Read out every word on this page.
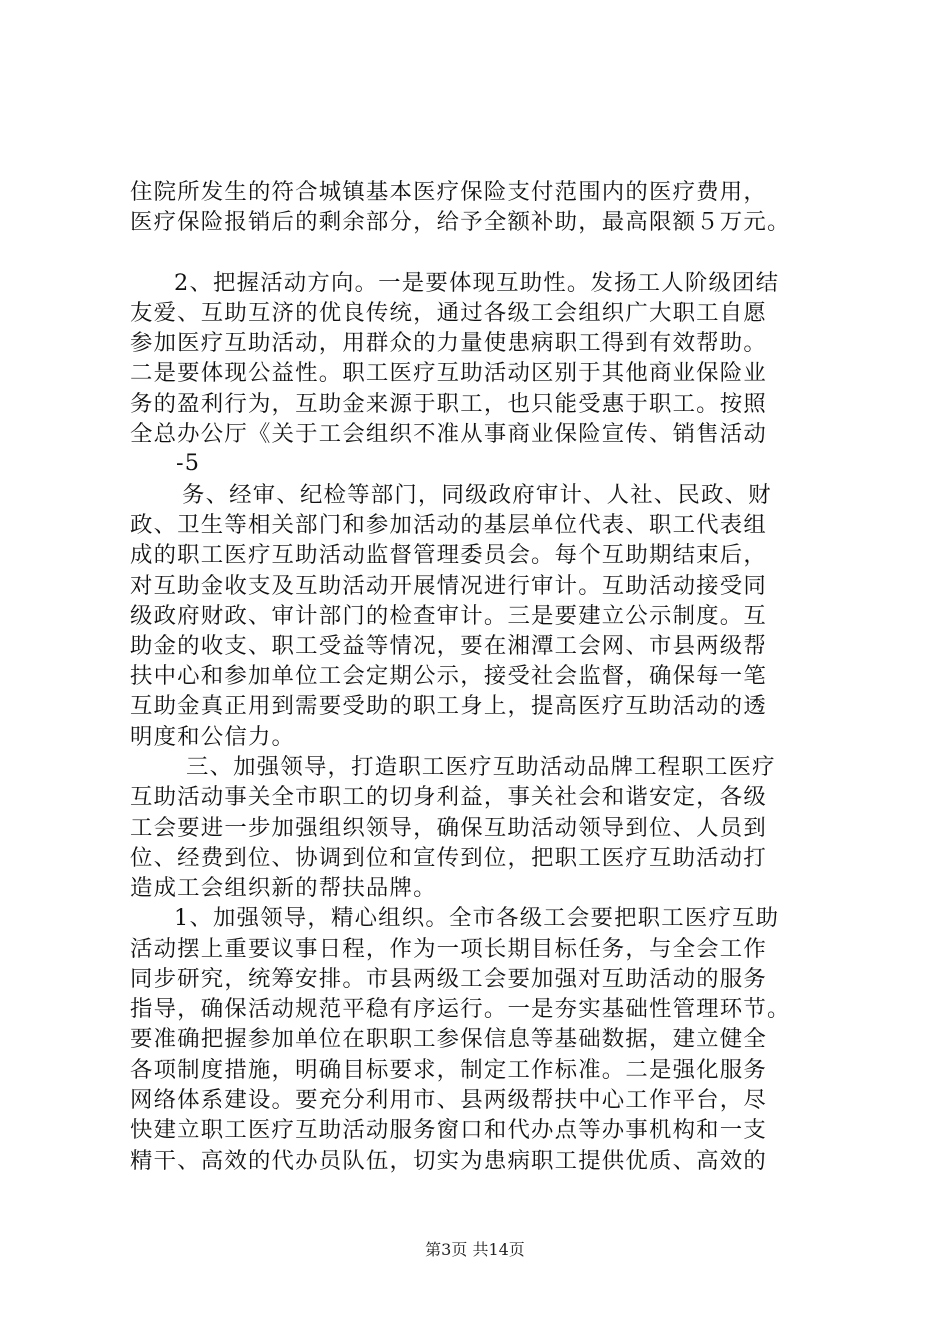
住院所发生的符合城镇基本医疗保险支付范围内的医疗费用，
医疗保险报销后的剩余部分，给予全额补助，最高限额５万元。
2、把握活动方向。一是要体现互助性。发扬工人阶级团结
友爱、互助互济的优良传统，通过各级工会组织广大职工自愿
参加医疗互助活动，用群众的力量使患病职工得到有效帮助。
二是要体现公益性。职工医疗互助活动区别于其他商业保险业
务的盈利行为，互助金来源于职工，也只能受惠于职工。按照
全总办公厅《关于工会组织不准从事商业保险宣传、销售活动
-5
务、经审、纪检等部门，同级政府审计、人社、民政、财
政、卫生等相关部门和参加活动的基层单位代表、职工代表组
成的职工医疗互助活动监督管理委员会。每个互助期结束后，
对互助金收支及互助活动开展情况进行审计。互助活动接受同
级政府财政、审计部门的检查审计。三是要建立公示制度。互
助金的收支、职工受益等情况，要在湘潭工会网、市县两级帮
扶中心和参加单位工会定期公示，接受社会监督，确保每一笔
互助金真正用到需要受助的职工身上，提高医疗互助活动的透
明度和公信力。
三、加强领导，打造职工医疗互助活动品牌工程职工医疗
互助活动事关全市职工的切身利益，事关社会和谐安定，各级
工会要进一步加强组织领导，确保互助活动领导到位、人员到
位、经费到位、协调到位和宣传到位，把职工医疗互助活动打
造成工会组织新的帮扶品牌。
1、加强领导，精心组织。全市各级工会要把职工医疗互助
活动摆上重要议事日程，作为一项长期目标任务，与全会工作
同步研究，统筹安排。市县两级工会要加强对互助活动的服务
指导，确保活动规范平稳有序运行。一是夯实基础性管理环节。
要准确把握参加单位在职职工参保信息等基础数据，建立健全
各项制度措施，明确目标要求，制定工作标准。二是强化服务
网络体系建设。要充分利用市、县两级帮扶中心工作平台，尽
快建立职工医疗互助活动服务窗口和代办点等办事机构和一支
精干、高效的代办员队伍，切实为患病职工提供优质、高效的
第3页 共14页
